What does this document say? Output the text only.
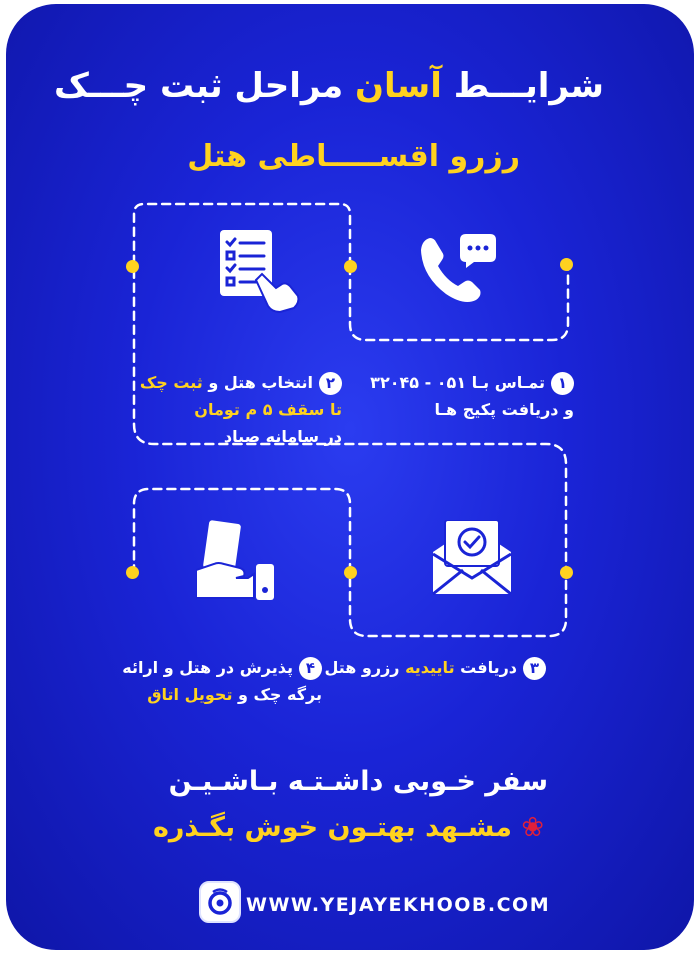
شرایـــط آسان مراحل ثبت چـــک
رزرو اقســـــاطی هتل
۱تمـاس بـا ۰۵۱ - ۳۲۰۴۵
و دریافت پکیج هـا
۲انتخاب هتل و ثبت چک
تا سقف ۵ م تومان
در سامانه صیاد
۳دریافت تاییدیه رزرو هتل
۴پذیرش در هتل و ارائه
برگه چک و تحویل اتاق
سفر خـوبی داشـتـه بـاشـیـن
❀ مشـهد بهتـون خوش بگـذره
WWW.YEJAYEKHOOB.COM
